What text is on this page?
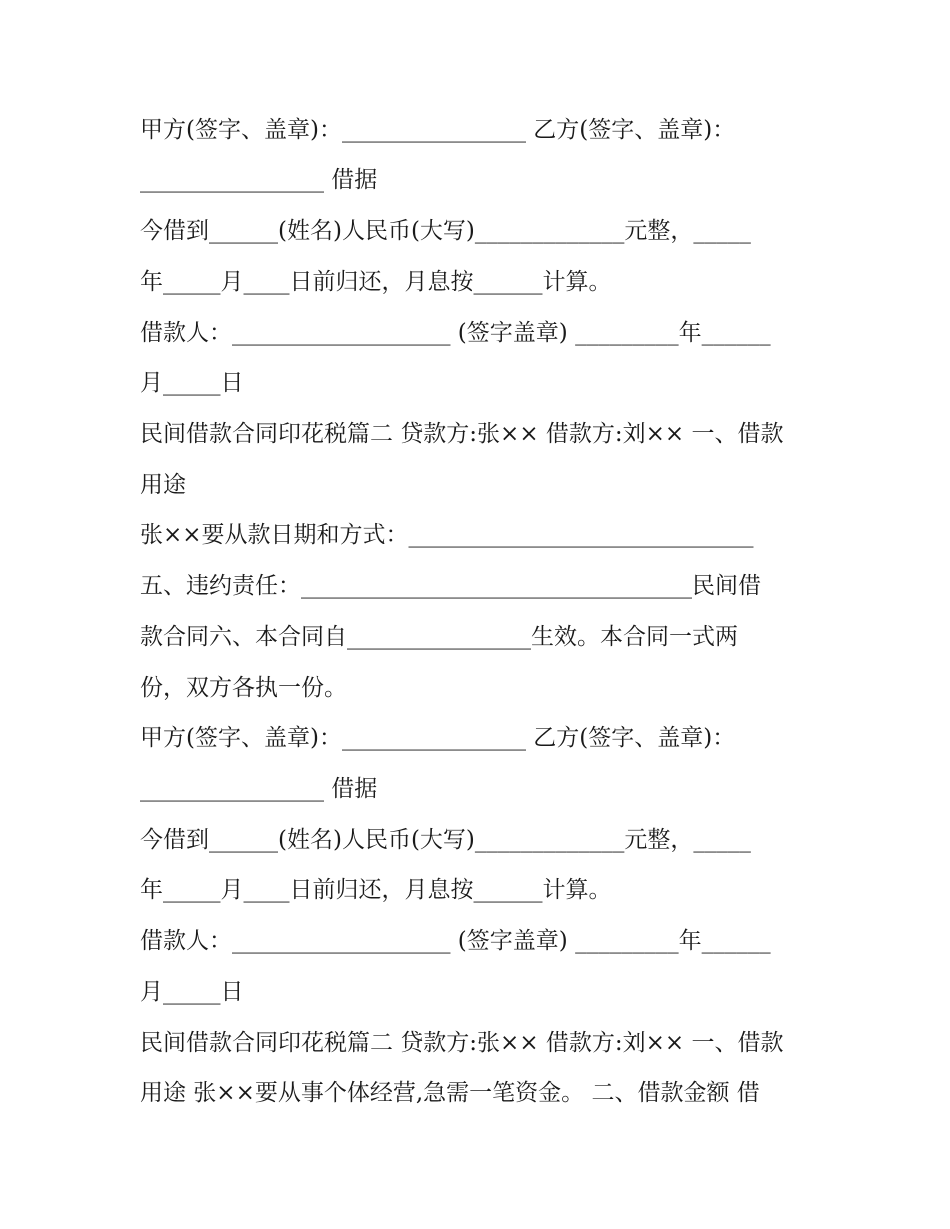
甲方(签字、盖章)：________________ 乙方(签字、盖章)：
________________ 借据
今借到______(姓名)人民币(大写)_____________元整，_____
年_____月____日前归还，月息按______计算。
借款人：___________________ (签字盖章) _________年______
月_____日
民间借款合同印花税篇二 贷款方:张×× 借款方:刘×× 一、借款
用途
张××要从款日期和方式：______________________________
五、违约责任：__________________________________民间借
款合同六、本合同自________________生效。本合同一式两
份，双方各执一份。
甲方(签字、盖章)：________________ 乙方(签字、盖章)：
________________ 借据
今借到______(姓名)人民币(大写)_____________元整，_____
年_____月____日前归还，月息按______计算。
借款人：___________________ (签字盖章) _________年______
月_____日
民间借款合同印花税篇二 贷款方:张×× 借款方:刘×× 一、借款
用途 张××要从事个体经营,急需一笔资金。 二、借款金额 借
